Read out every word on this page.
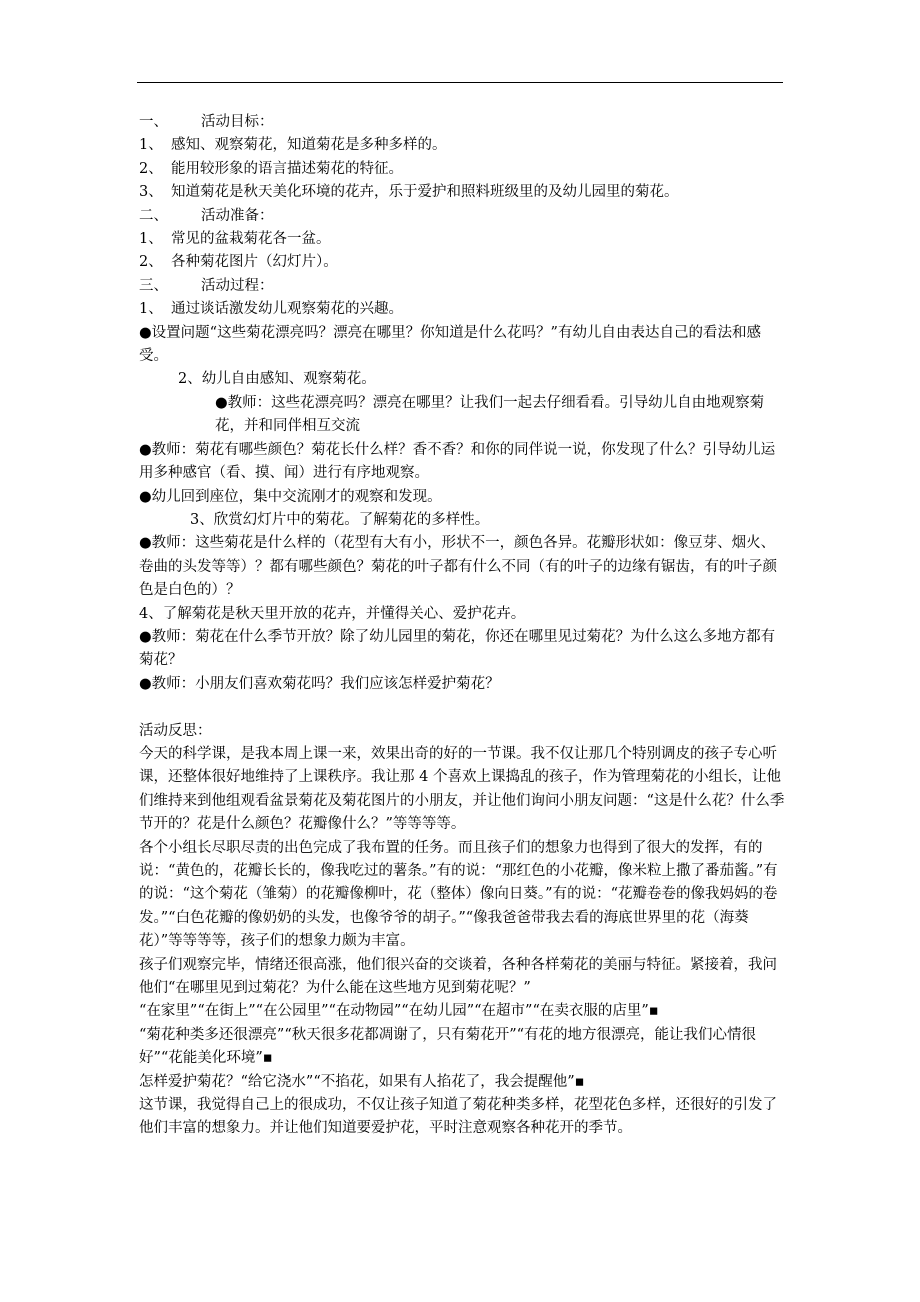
一、 活动目标：

1、 感知、观察菊花，知道菊花是多种多样的。

2、 能用较形象的语言描述菊花的特征。

3、 知道菊花是秋天美化环境的花卉，乐于爱护和照料班级里的及幼儿园里的菊花。

二、 活动准备：

1、 常见的盆栽菊花各一盆。

2、 各种菊花图片（幻灯片）。

三、 活动过程：

1、 通过谈话激发幼儿观察菊花的兴趣。

●设置问题“这些菊花漂亮吗？漂亮在哪里？你知道是什么花吗？”有幼儿自由表达自己的看法和感受。

2、幼儿自由感知、观察菊花。

●教师：这些花漂亮吗？漂亮在哪里？让我们一起去仔细看看。引导幼儿自由地观察菊花，并和同伴相互交流

●教师：菊花有哪些颜色？菊花长什么样？香不香？和你的同伴说一说，你发现了什么？引导幼儿运用多种感官（看、摸、闻）进行有序地观察。

●幼儿回到座位，集中交流刚才的观察和发现。

3、欣赏幻灯片中的菊花。了解菊花的多样性。

●教师：这些菊花是什么样的（花型有大有小，形状不一，颜色各异。花瓣形状如：像豆芽、烟火、卷曲的头发等等）？都有哪些颜色？菊花的叶子都有什么不同（有的叶子的边缘有锯齿，有的叶子颜色是白色的）？

4、了解菊花是秋天里开放的花卉，并懂得关心、爱护花卉。

●教师：菊花在什么季节开放？除了幼儿园里的菊花，你还在哪里见过菊花？为什么这么多地方都有菊花？

●教师：小朋友们喜欢菊花吗？我们应该怎样爱护菊花？

活动反思：

今天的科学课，是我本周上课一来，效果出奇的好的一节课。我不仅让那几个特别调皮的孩子专心听课，还整体很好地维持了上课秩序。我让那 4 个喜欢上课捣乱的孩子，作为管理菊花的小组长，让他们维持来到他组观看盆景菊花及菊花图片的小朋友，并让他们询问小朋友问题：“这是什么花？什么季节开的？花是什么颜色？花瓣像什么？”等等等等。

各个小组长尽职尽责的出色完成了我布置的任务。而且孩子们的想象力也得到了很大的发挥，有的说：“黄色的，花瓣长长的，像我吃过的薯条。”有的说：“那红色的小花瓣，像米粒上撒了番茄酱。”有的说：“这个菊花（雏菊）的花瓣像柳叶，花（整体）像向日葵。”有的说：“花瓣卷卷的像我妈妈的卷发。”“白色花瓣的像奶奶的头发，也像爷爷的胡子。”“像我爸爸带我去看的海底世界里的花（海葵花）”等等等等，孩子们的想象力颇为丰富。

孩子们观察完毕，情绪还很高涨，他们很兴奋的交谈着，各种各样菊花的美丽与特征。紧接着，我问他们“在哪里见到过菊花？为什么能在这些地方见到菊花呢？”

“在家里”“在街上”“在公园里”“在动物园”“在幼儿园”“在超市”“在卖衣服的店里”▪

“菊花种类多还很漂亮”“秋天很多花都凋谢了，只有菊花开”“有花的地方很漂亮，能让我们心情很好”“花能美化环境”▪

怎样爱护菊花？“给它浇水”“不掐花，如果有人掐花了，我会提醒他”▪

这节课，我觉得自己上的很成功，不仅让孩子知道了菊花种类多样，花型花色多样，还很好的引发了他们丰富的想象力。并让他们知道要爱护花，平时注意观察各种花开的季节。
